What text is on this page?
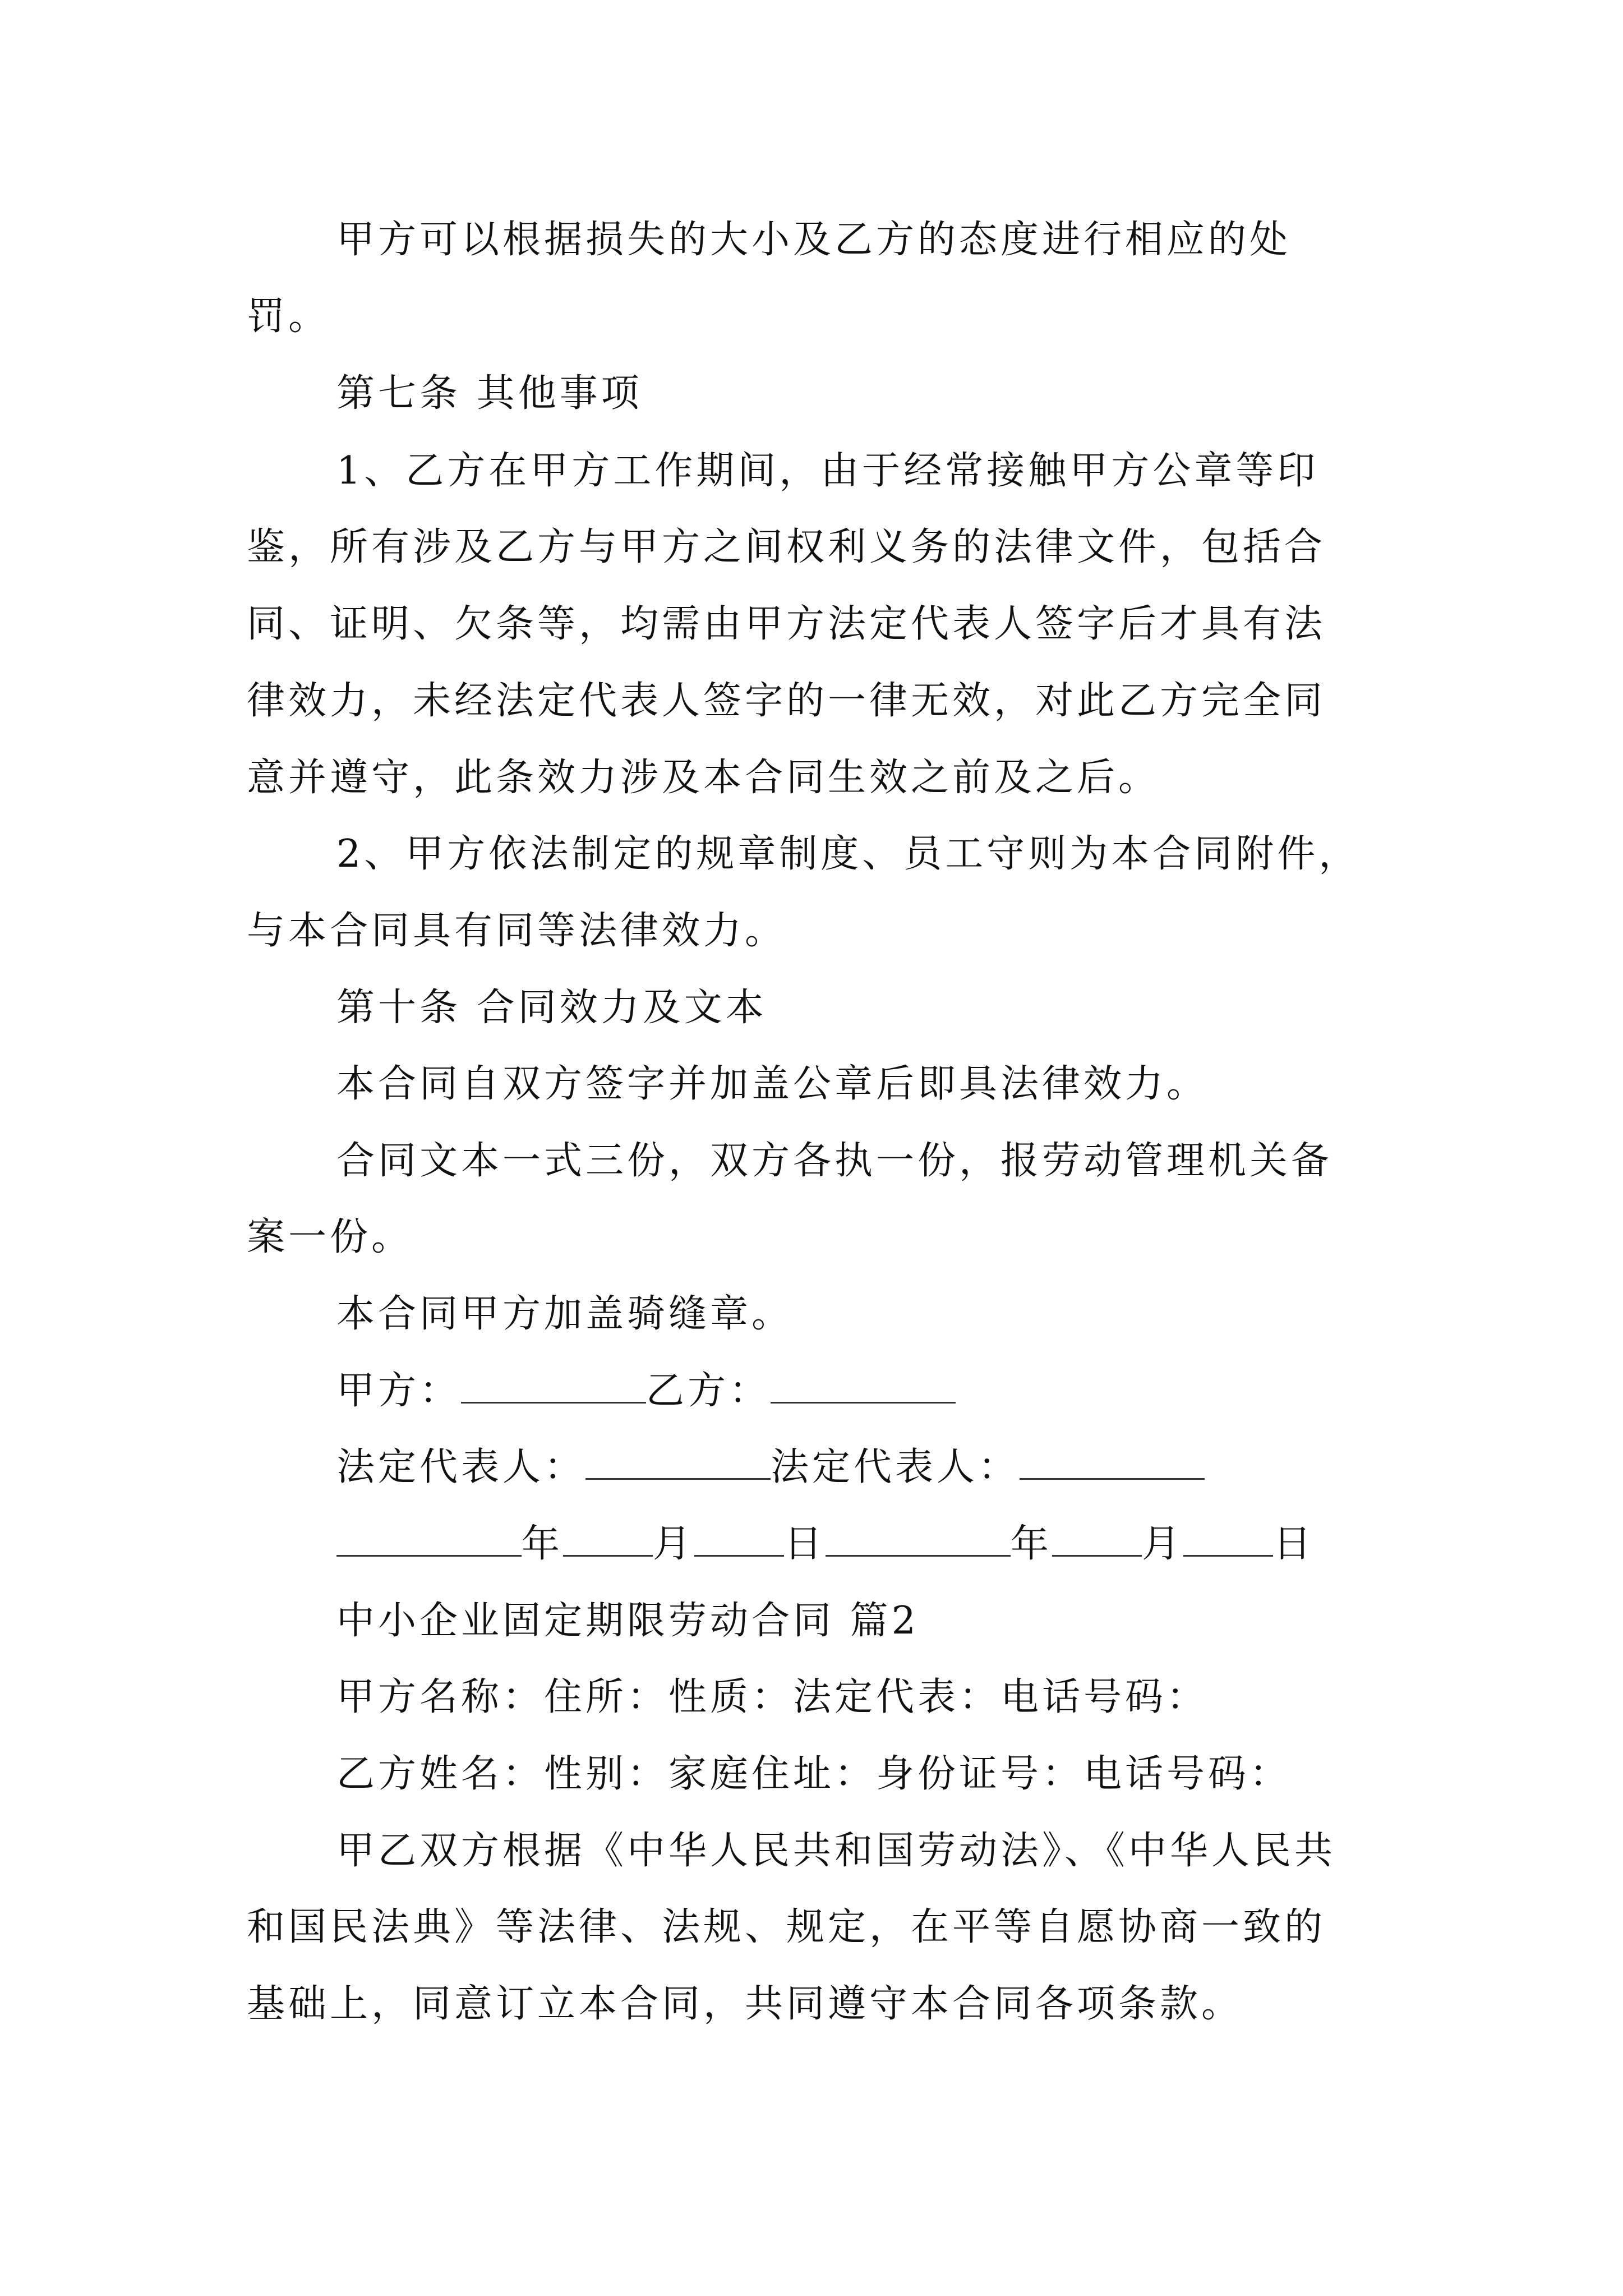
甲方可以根据损失的大小及乙方的态度进行相应的处
罚。
第七条 其他事项
1、乙方在甲方工作期间，由于经常接触甲方公章等印
鉴，所有涉及乙方与甲方之间权利义务的法律文件，包括合
同、证明、欠条等，均需由甲方法定代表人签字后才具有法
律效力，未经法定代表人签字的一律无效，对此乙方完全同
意并遵守，此条效力涉及本合同生效之前及之后。
2、甲方依法制定的规章制度、员工守则为本合同附件，
与本合同具有同等法律效力。
第十条 合同效力及文本
本合同自双方签字并加盖公章后即具法律效力。
合同文本一式三份，双方各执一份，报劳动管理机关备
案一份。
本合同甲方加盖骑缝章。
甲方：	乙方：
法定代表人：	法定代表人：
年 月 日	年 月 日
中小企业固定期限劳动合同 篇2
甲方名称：住所：性质：法定代表：电话号码：
乙方姓名：性别：家庭住址：身份证号：电话号码：
甲乙双方根据《中华人民共和国劳动法》、《中华人民共
和国民法典》等法律、法规、规定，在平等自愿协商一致的
基础上，同意订立本合同，共同遵守本合同各项条款。
